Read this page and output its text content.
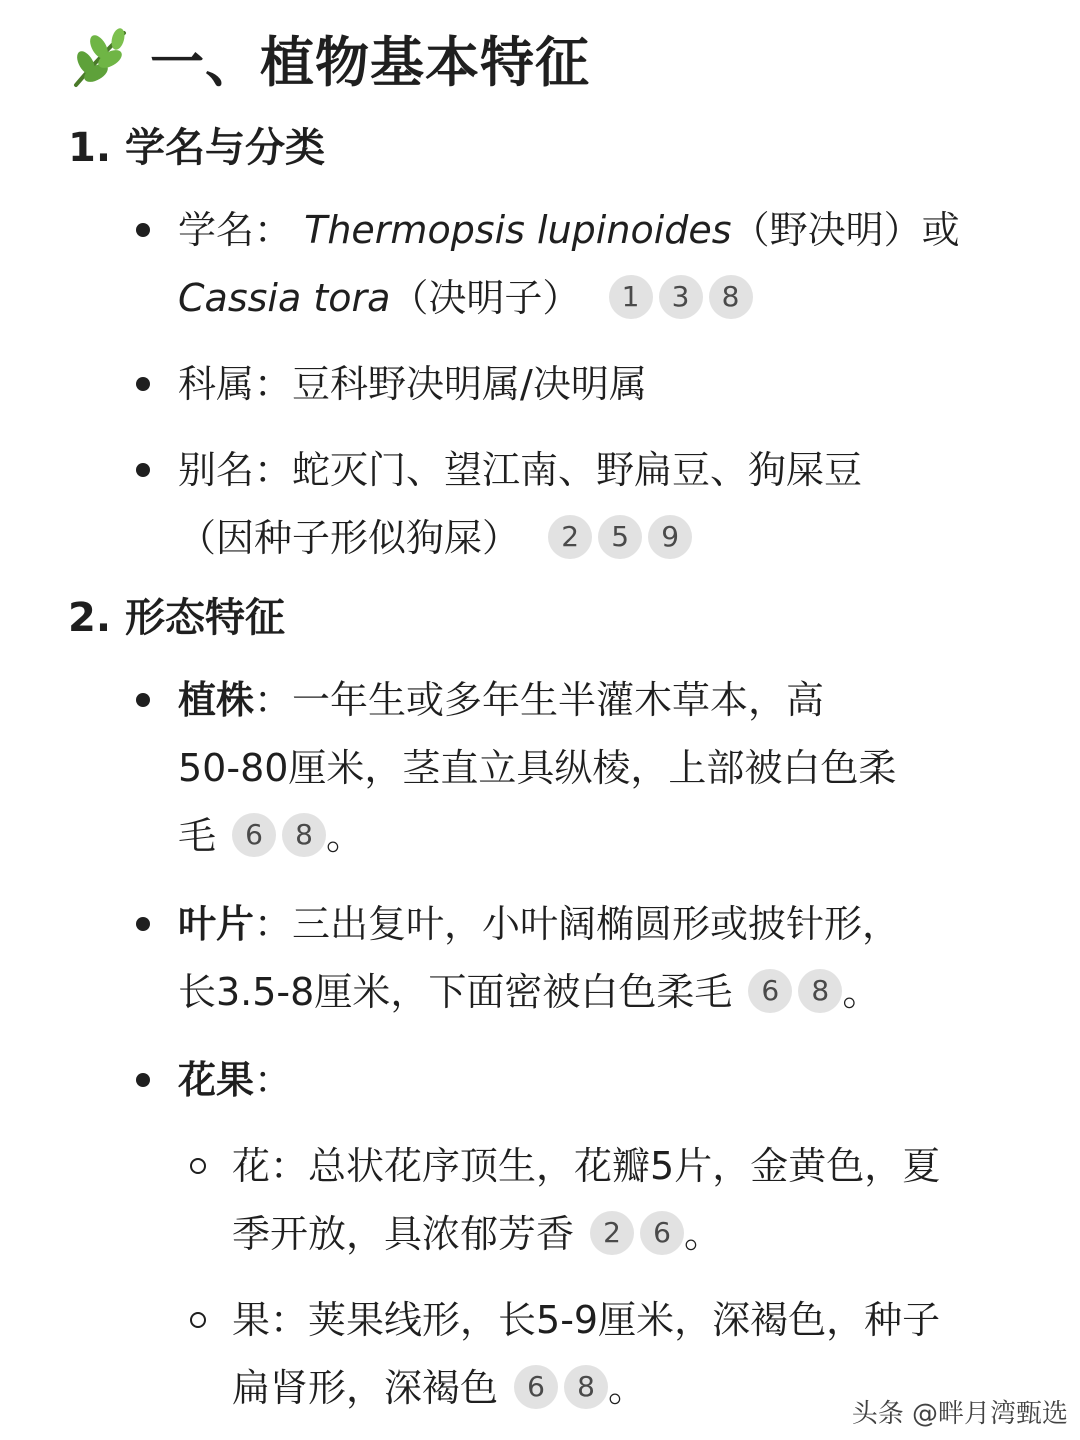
一、植物基本特征
1. 学名与分类
学名： Thermopsis lupinoides（野决明）或
Cassia tora（决明子） 1 3 8
科属：豆科野决明属/决明属
别名：蛇灭门、望江南、野扁豆、狗屎豆
（因种子形似狗屎） 2 5 9
2. 形态特征
植株：一年生或多年生半灌木草本，高
50-80厘米，茎直立具纵棱，上部被白色柔
毛 6 8 。
叶片：三出复叶，小叶阔椭圆形或披针形，
长3.5-8厘米，下面密被白色柔毛 6 8 。
花果：
花：总状花序顶生，花瓣5片，金黄色，夏
季开放，具浓郁芳香 2 6 。
果：荚果线形，长5-9厘米，深褐色，种子
扁肾形，深褐色 6 8 。
头条 @畔月湾甄选
